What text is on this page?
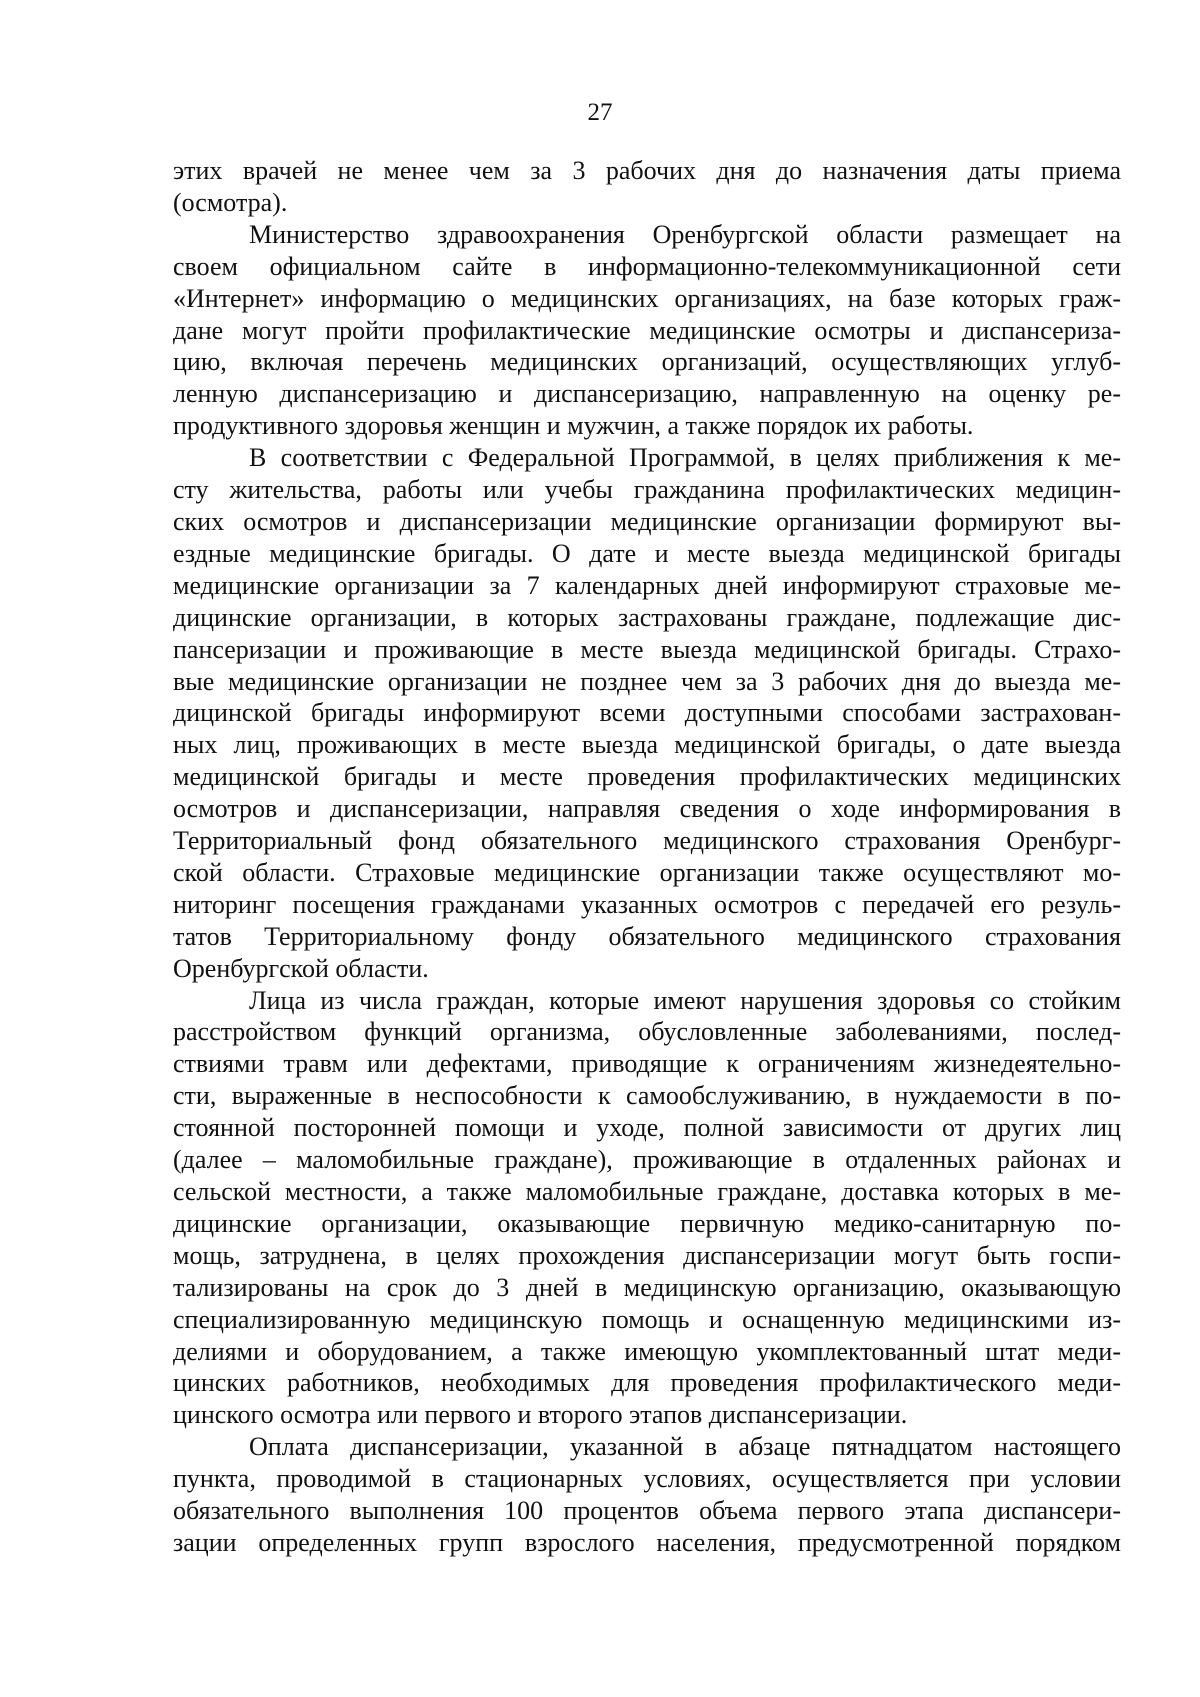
27
этих врачей не менее чем за 3 рабочих дня до назначения даты приема
(осмотра).
Министерство здравоохранения Оренбургской области размещает на
своем официальном сайте в информационно-телекоммуникационной сети
«Интернет» информацию о медицинских организациях, на базе которых граж-
дане могут пройти профилактические медицинские осмотры и диспансериза-
цию, включая перечень медицинских организаций, осуществляющих углуб-
ленную диспансеризацию и диспансеризацию, направленную на оценку ре-
продуктивного здоровья женщин и мужчин, а также порядок их работы.
В соответствии с Федеральной Программой, в целях приближения к ме-
сту жительства, работы или учебы гражданина профилактических медицин-
ских осмотров и диспансеризации медицинские организации формируют вы-
ездные медицинские бригады. О дате и месте выезда медицинской бригады
медицинские организации за 7 календарных дней информируют страховые ме-
дицинские организации, в которых застрахованы граждане, подлежащие дис-
пансеризации и проживающие в месте выезда медицинской бригады. Страхо-
вые медицинские организации не позднее чем за 3 рабочих дня до выезда ме-
дицинской бригады информируют всеми доступными способами застрахован-
ных лиц, проживающих в месте выезда медицинской бригады, о дате выезда
медицинской бригады и месте проведения профилактических медицинских
осмотров и диспансеризации, направляя сведения о ходе информирования в
Территориальный фонд обязательного медицинского страхования Оренбург-
ской области. Страховые медицинские организации также осуществляют мо-
ниторинг посещения гражданами указанных осмотров с передачей его резуль-
татов Территориальному фонду обязательного медицинского страхования
Оренбургской области.
Лица из числа граждан, которые имеют нарушения здоровья со стойким
расстройством функций организма, обусловленные заболеваниями, послед-
ствиями травм или дефектами, приводящие к ограничениям жизнедеятельно-
сти, выраженные в неспособности к самообслуживанию, в нуждаемости в по-
стоянной посторонней помощи и уходе, полной зависимости от других лиц
(далее – маломобильные граждане), проживающие в отдаленных районах и
сельской местности, а также маломобильные граждане, доставка которых в ме-
дицинские организации, оказывающие первичную медико-санитарную по-
мощь, затруднена, в целях прохождения диспансеризации могут быть госпи-
тализированы на срок до 3 дней в медицинскую организацию, оказывающую
специализированную медицинскую помощь и оснащенную медицинскими из-
делиями и оборудованием, а также имеющую укомплектованный штат меди-
цинских работников, необходимых для проведения профилактического меди-
цинского осмотра или первого и второго этапов диспансеризации.
Оплата диспансеризации, указанной в абзаце пятнадцатом настоящего
пункта, проводимой в стационарных условиях, осуществляется при условии
обязательного выполнения 100 процентов объема первого этапа диспансери-
зации определенных групп взрослого населения, предусмотренной порядком
